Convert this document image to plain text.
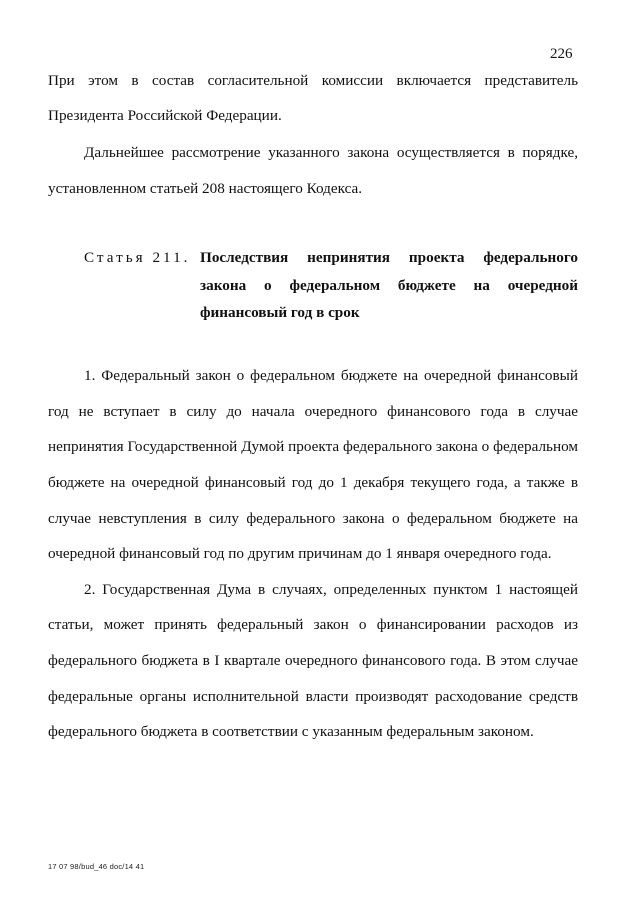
226
При этом в состав согласительной комиссии включается представитель
Президента Российской Федерации.
Дальнейшее рассмотрение указанного закона осуществляется в порядке,
установленном статьей 208 настоящего Кодекса.
Статья 211. Последствия непринятия проекта федерального
закона о федеральном бюджете на очередной
финансовый год в срок
1. Федеральный закон о федеральном бюджете на очередной финансовый
год не вступает в силу до начала очередного финансового года в случае
непринятия Государственной Думой проекта федерального закона о федеральном
бюджете на очередной финансовый год до 1 декабря текущего года, а также в
случае невступления в силу федерального закона о федеральном бюджете на
очередной финансовый год по другим причинам до 1 января очередного года.
2. Государственная Дума в случаях, определенных пунктом 1 настоящей
статьи, может принять федеральный закон о финансировании расходов из
федерального бюджета в I квартале очередного финансового года. В этом случае
федеральные органы исполнительной власти производят расходование средств
федерального бюджета в соответствии с указанным федеральным законом.
17 07 98/bud_46 doc/14 41
